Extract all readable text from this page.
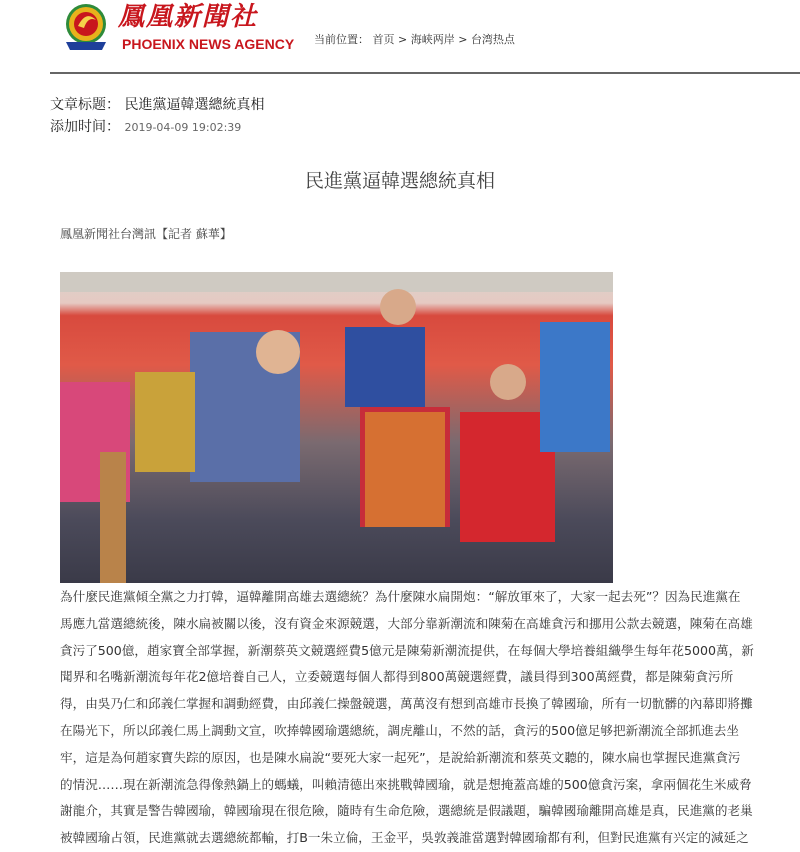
鳳凰新聞社
PHOENIX NEWS AGENCY 当前位置： 首页 > 海峡两岸 > 台湾热点
文章标题： 民進黨逼韓選總統真相
添加时间： 2019-04-09 19:02:39
民進黨逼韓選總統真相
鳳凰新聞社台灣訊【記者 蘇華】
為什麼民進黨傾全黨之力打韓，逼韓離開高雄去選總統？為什麼陳水扁開炮：“解放軍來了，大家一起去死”？因為民進黨在
馬應九當選總統後，陳水扁被關以後，沒有資金來源競選，大部分靠新潮流和陳菊在高雄貪污和挪用公款去競選，陳菊在高雄
貪污了500億，趙家寶全部掌握，新潮蔡英文競選經費5億元是陳菊新潮流提供，在每個大學培養組織學生每年花5000萬，新
聞界和名嘴新潮流每年花2億培養自己人，立委競選每個人都得到800萬競選經費，議員得到300萬經費，都是陳菊貪污所
得，由吳乃仁和邱義仁掌握和調動經費，由邱義仁操盤競選，萬萬沒有想到高雄市長換了韓國瑜，所有一切骯髒的內幕即將攤
在陽光下，所以邱義仁馬上調動文宣，吹捧韓國瑜選總統，調虎離山，不然的話，貪污的500億足够把新潮流全部抓進去坐
牢，這是為何趙家寶失踪的原因，也是陳水扁說“要死大家一起死”，是說給新潮流和蔡英文聽的，陳水扁也掌握民進黨貪污
的情況……現在新潮流急得像熱鍋上的螞蟻，叫賴清德出來挑戰韓國瑜，就是想掩蓋高雄的500億貪污案，拿兩個花生米威脅
謝龍介，其實是警告韓國瑜，韓國瑜現在很危險，隨時有生命危險，選總統是假議題，騙韓國瑜離開高雄是真，民進黨的老巢
被韓國瑜占領，民進黨就去選總統都輸，打B一朱立倫，王金平，吳敦義誰當選對韓國瑜都有利，但對民進黨有兴定的減延之
